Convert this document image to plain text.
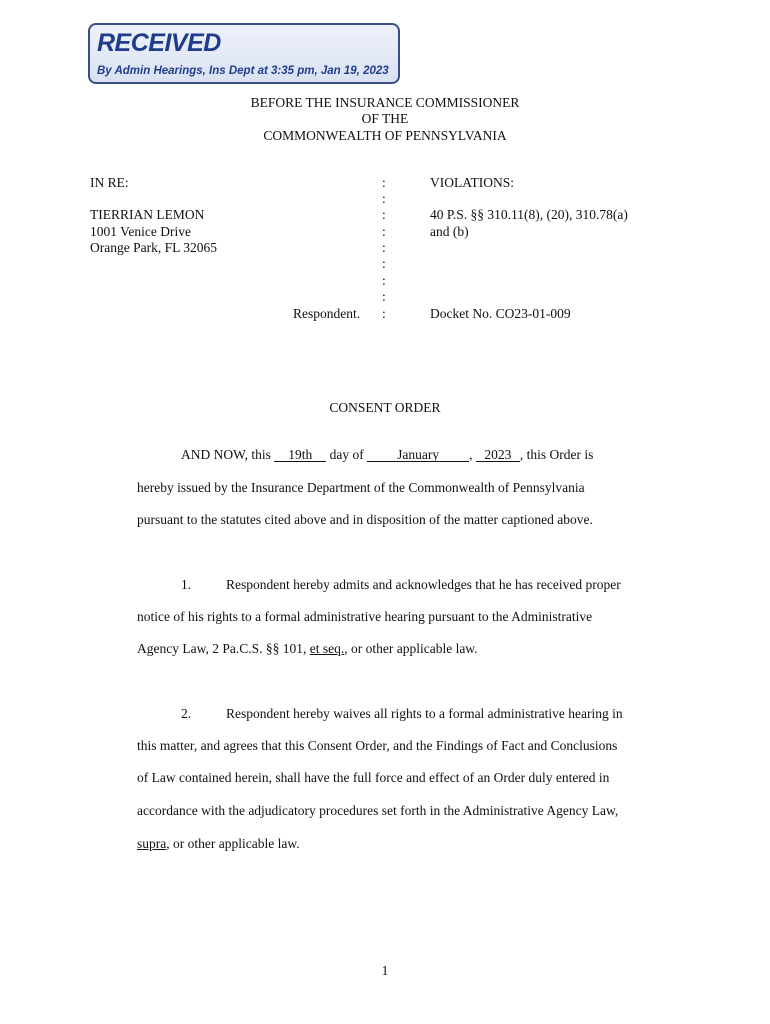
RECEIVED
By Admin Hearings, Ins Dept at 3:35 pm, Jan 19, 2023
BEFORE THE INSURANCE COMMISSIONER
OF THE
COMMONWEALTH OF PENNSYLVANIA
IN RE:
TIERRIAN LEMON
1001 Venice Drive
Orange Park, FL 32065
Respondent.
:
:
:
:
:
:
:
:
:
VIOLATIONS:
40 P.S. §§ 310.11(8), (20), 310.78(a)
and (b)
Docket No. CO23-01-009
CONSENT ORDER
AND NOW, this 19th day of January , 2023 , this Order is
hereby issued by the Insurance Department of the Commonwealth of Pennsylvania
pursuant to the statutes cited above and in disposition of the matter captioned above.
1.	Respondent hereby admits and acknowledges that he has received proper
notice of his rights to a formal administrative hearing pursuant to the Administrative
Agency Law, 2 Pa.C.S. §§ 101, et seq., or other applicable law.
2.	Respondent hereby waives all rights to a formal administrative hearing in
this matter, and agrees that this Consent Order, and the Findings of Fact and Conclusions
of Law contained herein, shall have the full force and effect of an Order duly entered in
accordance with the adjudicatory procedures set forth in the Administrative Agency Law,
supra, or other applicable law.
1
